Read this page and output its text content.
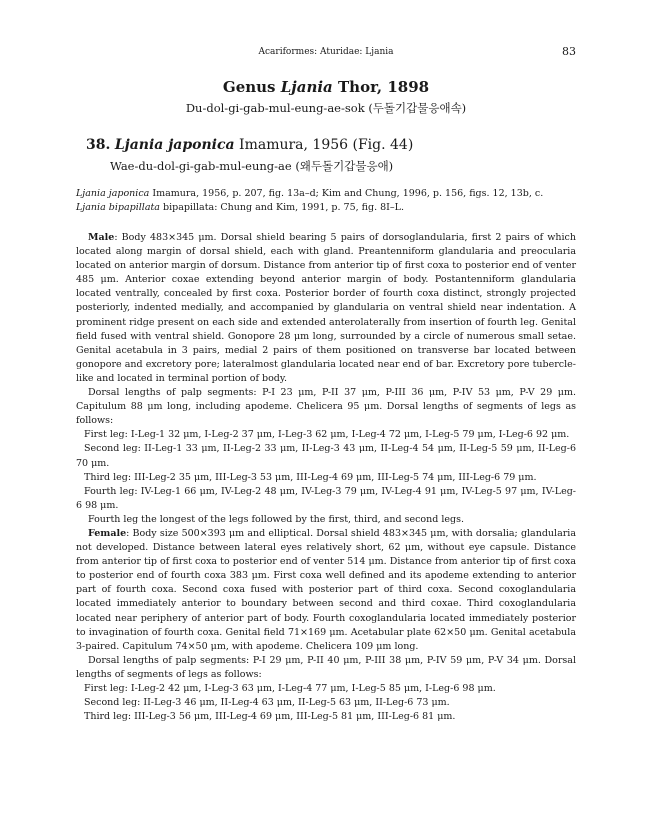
Acariformes: Aturidae: Ljania	83
Genus Ljania Thor, 1898
Du-dol-gi-gab-mul-eung-ae-sok (두돌기갑물응애속)
38. Ljania japonica Imamura, 1956 (Fig. 44)
Wae-du-dol-gi-gab-mul-eung-ae (왜두돌기갑물응애)
Ljania japonica Imamura, 1956, p. 207, fig. 13a–d; Kim and Chung, 1996, p. 156, figs. 12, 13b, c.
Ljania bipapillata bipapillata: Chung and Kim, 1991, p. 75, fig. 8I–L.

Male: Body 483×345 μm. Dorsal shield bearing 5 pairs of dorsoglandularia, first 2 pairs of which located along margin of dorsal shield, each with gland. Preantenniform glandularia and preocularia located on anterior margin of dorsum. Distance from anterior tip of first coxa to posterior end of venter 485 μm. Anterior coxae extending beyond anterior margin of body. Postantenniform glandularia located ventrally, concealed by first coxa. Posterior border of fourth coxa distinct, strongly projected posteriorly, indented medially, and accompanied by glandularia on ventral shield near indentation. A prominent ridge present on each side and extended anterolaterally from insertion of fourth leg. Genital field fused with ventral shield. Gonopore 28 μm long, surrounded by a circle of numerous small setae. Genital acetabula in 3 pairs, medial 2 pairs of them positioned on transverse bar located between gonopore and excretory pore; lateralmost glandularia located near end of bar. Excretory pore tubercle-like and located in terminal portion of body.

Dorsal lengths of palp segments: P-I 23 μm, P-II 37 μm, P-III 36 μm, P-IV 53 μm, P-V 29 μm. Capitulum 88 μm long, including apodeme. Chelicera 95 μm. Dorsal lengths of segments of legs as follows:

First leg: I-Leg-1 32 μm, I-Leg-2 37 μm, I-Leg-3 62 μm, I-Leg-4 72 μm, I-Leg-5 79 μm, I-Leg-6 92 μm.

Second leg: II-Leg-1 33 μm, II-Leg-2 33 μm, II-Leg-3 43 μm, II-Leg-4 54 μm, II-Leg-5 59 μm, II-Leg-6 70 μm.

Third leg: III-Leg-2 35 μm, III-Leg-3 53 μm, III-Leg-4 69 μm, III-Leg-5 74 μm, III-Leg-6 79 μm.

Fourth leg: IV-Leg-1 66 μm, IV-Leg-2 48 μm, IV-Leg-3 79 μm, IV-Leg-4 91 μm, IV-Leg-5 97 μm, IV-Leg-6 98 μm.

Fourth leg the longest of the legs followed by the first, third, and second legs.

Female: Body size 500×393 μm and elliptical. Dorsal shield 483×345 μm, with dorsalia; glandularia not developed. Distance between lateral eyes relatively short, 62 μm, without eye capsule. Distance from anterior tip of first coxa to posterior end of venter 514 μm. Distance from anterior tip of first coxa to posterior end of fourth coxa 383 μm. First coxa well defined and its apodeme extending to anterior part of fourth coxa. Second coxa fused with posterior part of third coxa. Second coxoglandularia located immediately anterior to boundary between second and third coxae. Third coxoglandularia located near periphery of anterior part of body. Fourth coxoglandularia located immediately posterior to invagination of fourth coxa. Genital field 71×169 μm. Acetabular plate 62×50 μm. Genital acetabula 3-paired. Capitulum 74×50 μm, with apodeme. Chelicera 109 μm long.

Dorsal lengths of palp segments: P-I 29 μm, P-II 40 μm, P-III 38 μm, P-IV 59 μm, P-V 34 μm. Dorsal lengths of segments of legs as follows:

First leg: I-Leg-2 42 μm, I-Leg-3 63 μm, I-Leg-4 77 μm, I-Leg-5 85 μm, I-Leg-6 98 μm.

Second leg: II-Leg-3 46 μm, II-Leg-4 63 μm, II-Leg-5 63 μm, II-Leg-6 73 μm.

Third leg: III-Leg-3 56 μm, III-Leg-4 69 μm, III-Leg-5 81 μm, III-Leg-6 81 μm.
